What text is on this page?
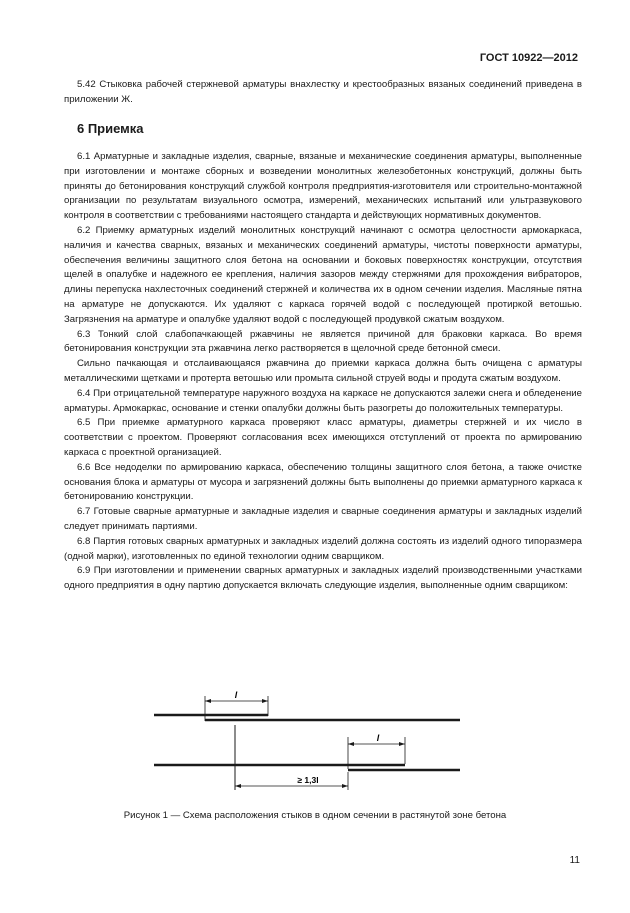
ГОСТ 10922—2012

5.42 Стыковка рабочей стержневой арматуры внахлестку и крестообразных вязаных соединений приведена в приложении Ж.

6 Приемка

6.1 Арматурные и закладные изделия, сварные, вязаные и механические соединения арматуры, выполненные при изготовлении и монтаже сборных и возведении монолитных железобетонных конструкций, должны быть приняты до бетонирования конструкций службой контроля предприятия-изготовителя или строительно-монтажной организации по результатам визуального осмотра, измерений, механических испытаний или ультразвукового контроля в соответствии с требованиями настоящего стандарта и действующих нормативных документов.

6.2 Приемку арматурных изделий монолитных конструкций начинают с осмотра целостности армокаркаса, наличия и качества сварных, вязаных и механических соединений арматуры, чистоты поверхности арматуры, обеспечения величины защитного слоя бетона на основании и боковых поверхностях конструкции, отсутствия щелей в опалубке и надежного ее крепления, наличия зазоров между стержнями для прохождения вибраторов, длины перепуска нахлесточных соединений стержней и количества их в одном сечении изделия. Масляные пятна на арматуре не допускаются. Их удаляют с каркаса горячей водой с последующей протиркой ветошью. Загрязнения на арматуре и опалубке удаляют водой с последующей продувкой сжатым воздухом.

6.3 Тонкий слой слабопачкающей ржавчины не является причиной для браковки каркаса. Во время бетонирования конструкции эта ржавчина легко растворяется в щелочной среде бетонной смеси.

Сильно пачкающая и отслаивающаяся ржавчина до приемки каркаса должна быть очищена с арматуры металлическими щетками и протерта ветошью или промыта сильной струей воды и продута сжатым воздухом.

6.4 При отрицательной температуре наружного воздуха на каркасе не допускаются залежи снега и обледенение арматуры. Армокаркас, основание и стенки опалубки должны быть разогреты до положительных температуры.

6.5 При приемке арматурного каркаса проверяют класс арматуры, диаметры стержней и их число в соответствии с проектом. Проверяют согласования всех имеющихся отступлений от проекта по армированию каркаса с проектной организацией.

6.6 Все недоделки по армированию каркаса, обеспечению толщины защитного слоя бетона, а также очистке основания блока и арматуры от мусора и загрязнений должны быть выполнены до приемки арматурного каркаса к бетонированию конструкции.

6.7 Готовые сварные арматурные и закладные изделия и сварные соединения арматуры и закладных изделий следует принимать партиями.

6.8 Партия готовых сварных арматурных и закладных изделий должна состоять из изделий одного типоразмера (одной марки), изготовленных по единой технологии одним сварщиком.

6.9 При изготовлении и применении сварных арматурных и закладных изделий производственными участками одного предприятия в одну партию допускается включать следующие изделия, выполненные одним сварщиком:

l
l
≥ 1,3l
Рисунок 1 — Схема расположения стыков в одном сечении в растянутой зоне бетона
11
